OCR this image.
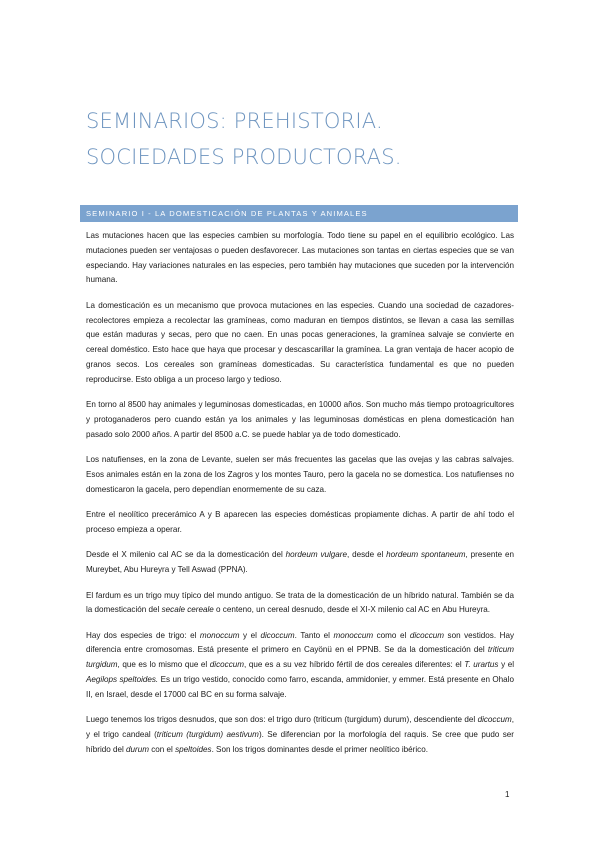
SEMINARIOS: PREHISTORIA.
SOCIEDADES PRODUCTORAS.
SEMINARIO I - LA DOMESTICACIÓN DE PLANTAS Y ANIMALES

Las mutaciones hacen que las especies cambien su morfología. Todo tiene su papel en el equilibrio ecológico. Las mutaciones pueden ser ventajosas o pueden desfavorecer. Las mutaciones son tantas en ciertas especies que se van especiando. Hay variaciones naturales en las especies, pero también hay mutaciones que suceden por la intervención humana.

La domesticación es un mecanismo que provoca mutaciones en las especies. Cuando una sociedad de cazadores-recolectores empieza a recolectar las gramíneas, como maduran en tiempos distintos, se llevan a casa las semillas que están maduras y secas, pero que no caen. En unas pocas generaciones, la gramínea salvaje se convierte en cereal doméstico. Esto hace que haya que procesar y descascarillar la gramínea. La gran ventaja de hacer acopio de granos secos. Los cereales son gramíneas domesticadas. Su característica fundamental es que no pueden reproducirse. Esto obliga a un proceso largo y tedioso.

En torno al 8500 hay animales y leguminosas domesticadas, en 10000 años. Son mucho más tiempo protoagricultores y protoganaderos pero cuando están ya los animales y las leguminosas domésticas en plena domesticación han pasado solo 2000 años. A partir del 8500 a.C. se puede hablar ya de todo domesticado.

Los natufienses, en la zona de Levante, suelen ser más frecuentes las gacelas que las ovejas y las cabras salvajes. Esos animales están en la zona de los Zagros y los montes Tauro, pero la gacela no se domestica. Los natufienses no domesticaron la gacela, pero dependían enormemente de su caza.

Entre el neolítico precerámico A y B aparecen las especies domésticas propiamente dichas. A partir de ahí todo el proceso empieza a operar.

Desde el X milenio cal AC se da la domesticación del hordeum vulgare, desde el hordeum spontaneum, presente en Mureybet, Abu Hureyra y Tell Aswad (PPNA).

El fardum es un trigo muy típico del mundo antiguo. Se trata de la domesticación de un híbrido natural. También se da la domesticación del secale cereale o centeno, un cereal desnudo, desde el XI-X milenio cal AC en Abu Hureyra.

Hay dos especies de trigo: el monoccum y el dicoccum. Tanto el monoccum como el dicoccum son vestidos. Hay diferencia entre cromosomas. Está presente el primero en Cayönü en el PPNB. Se da la domesticación del triticum turgidum, que es lo mismo que el dicoccum, que es a su vez híbrido fértil de dos cereales diferentes: el T. urartus y el Aegilops speltoides. Es un trigo vestido, conocido como farro, escanda, ammidonier, y emmer. Está presente en Ohalo II, en Israel, desde el 17000 cal BC en su forma salvaje.

Luego tenemos los trigos desnudos, que son dos: el trigo duro (triticum (turgidum) durum), descendiente del dicoccum, y el trigo candeal (triticum (turgidum) aestivum). Se diferencian por la morfología del raquis. Se cree que pudo ser híbrido del durum con el speltoides. Son los trigos dominantes desde el primer neolítico ibérico.

1
